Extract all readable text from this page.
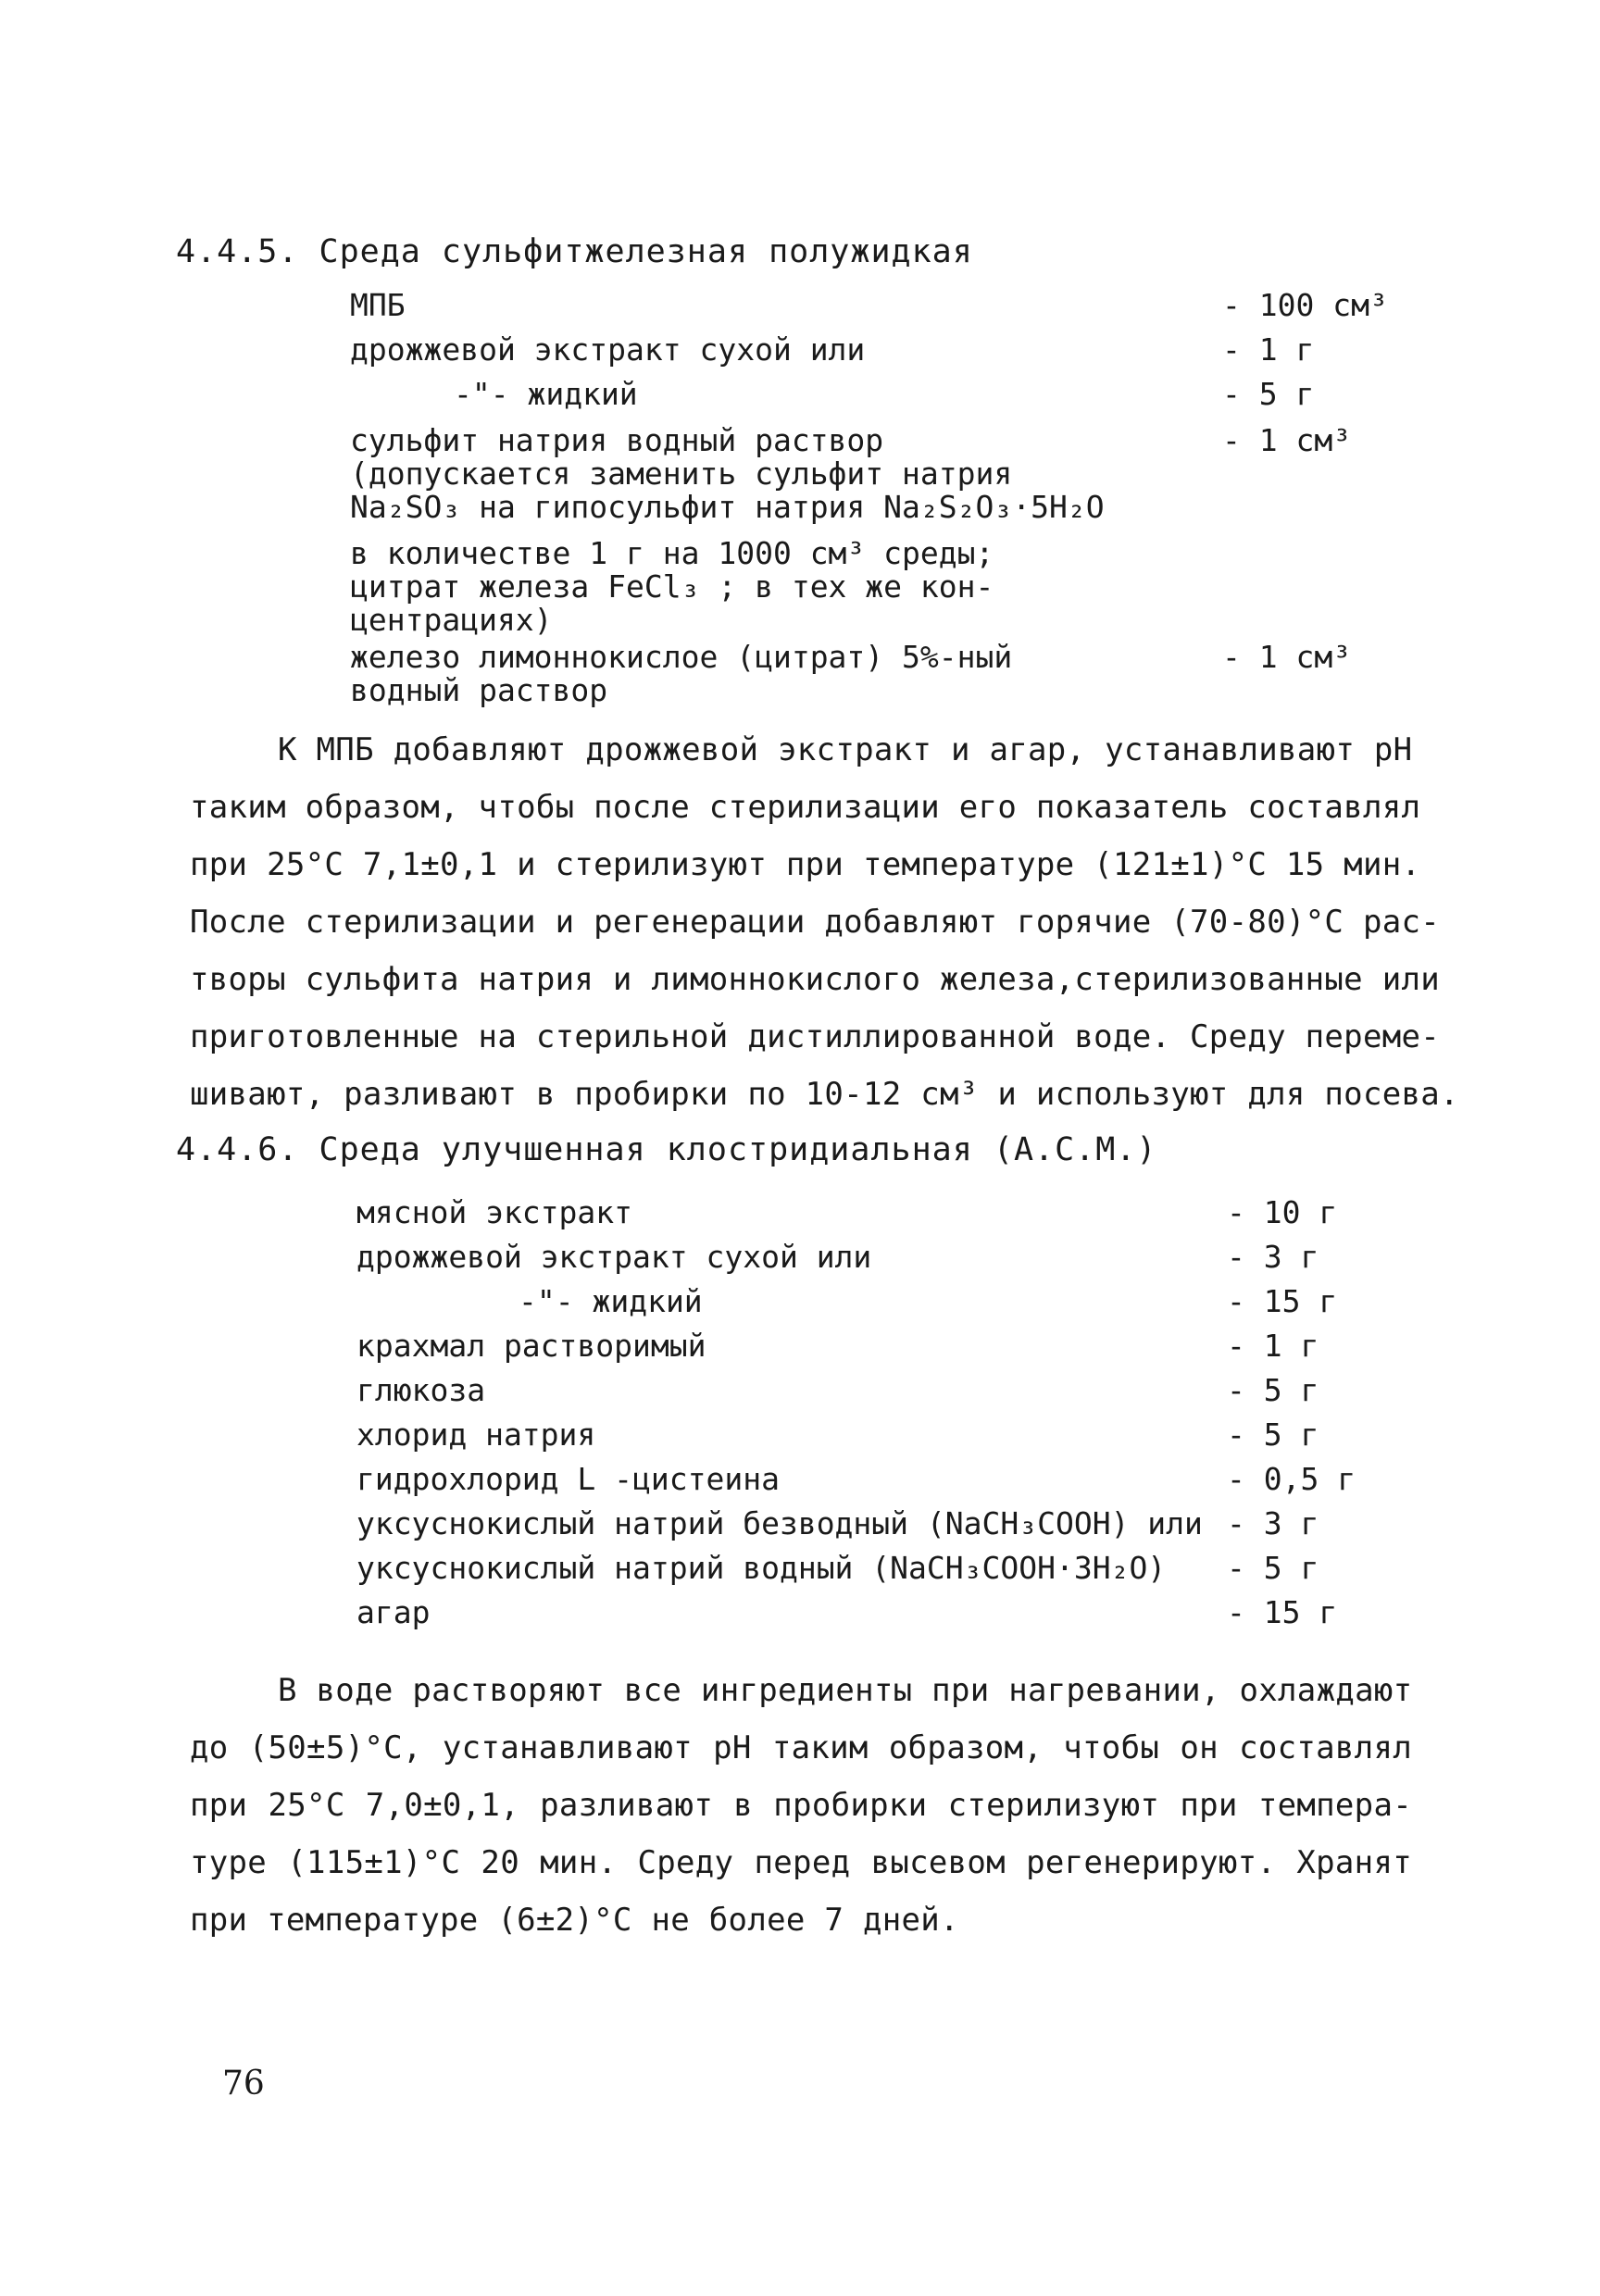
4.4.5. Среда сульфитжелезная полужидкая
МПБ	- 100 см³
дрожжевой экстракт сухой или	- 1 г
-"- жидкий	- 5 г
сульфит натрия водный раствор	- 1 см³
(допускается заменить сульфит натрия
Na₂SO₃ на гипосульфит натрия Na₂S₂O₃·5H₂O
в количестве 1 г на 1000 см³ среды;
цитрат железа FeCl₃ ; в тех же кон-
центрациях)
железо лимоннокислое (цитрат) 5%-ный	- 1 см³
водный раствор
К МПБ добавляют дрожжевой экстракт и агар, устанавливают рН
таким образом, чтобы после стерилизации его показатель составлял
при 25°С 7,1±0,1 и стерилизуют при температуре (121±1)°С 15 мин.
После стерилизации и регенерации добавляют горячие (70-80)°С рас-
творы сульфита натрия и лимоннокислого железа,стерилизованные или
приготовленные на стерильной дистиллированной воде. Среду переме-
шивают, разливают в пробирки по 10-12 см³ и используют для посева.
4.4.6. Среда улучшенная клостридиальная (А.С.М.)
мясной экстракт	- 10 г
дрожжевой экстракт сухой или	- 3 г
-"- жидкий	- 15 г
крахмал растворимый	- 1 г
глюкоза	- 5 г
хлорид натрия	- 5 г
гидрохлорид L -цистеина	- 0,5 г
уксуснокислый натрий безводный (NaCH₃COOH) или - 3 г
уксуснокислый натрий водный (NaCH₃COOH·3H₂O) - 5 г
агар	- 15 г
В воде растворяют все ингредиенты при нагревании, охлаждают
до (50±5)°С, устанавливают рН таким образом, чтобы он составлял
при 25°С 7,0±0,1, разливают в пробирки стерилизуют при темпера-
туре (115±1)°С 20 мин. Среду перед высевом регенерируют. Хранят
при температуре (6±2)°С не более 7 дней.
76
